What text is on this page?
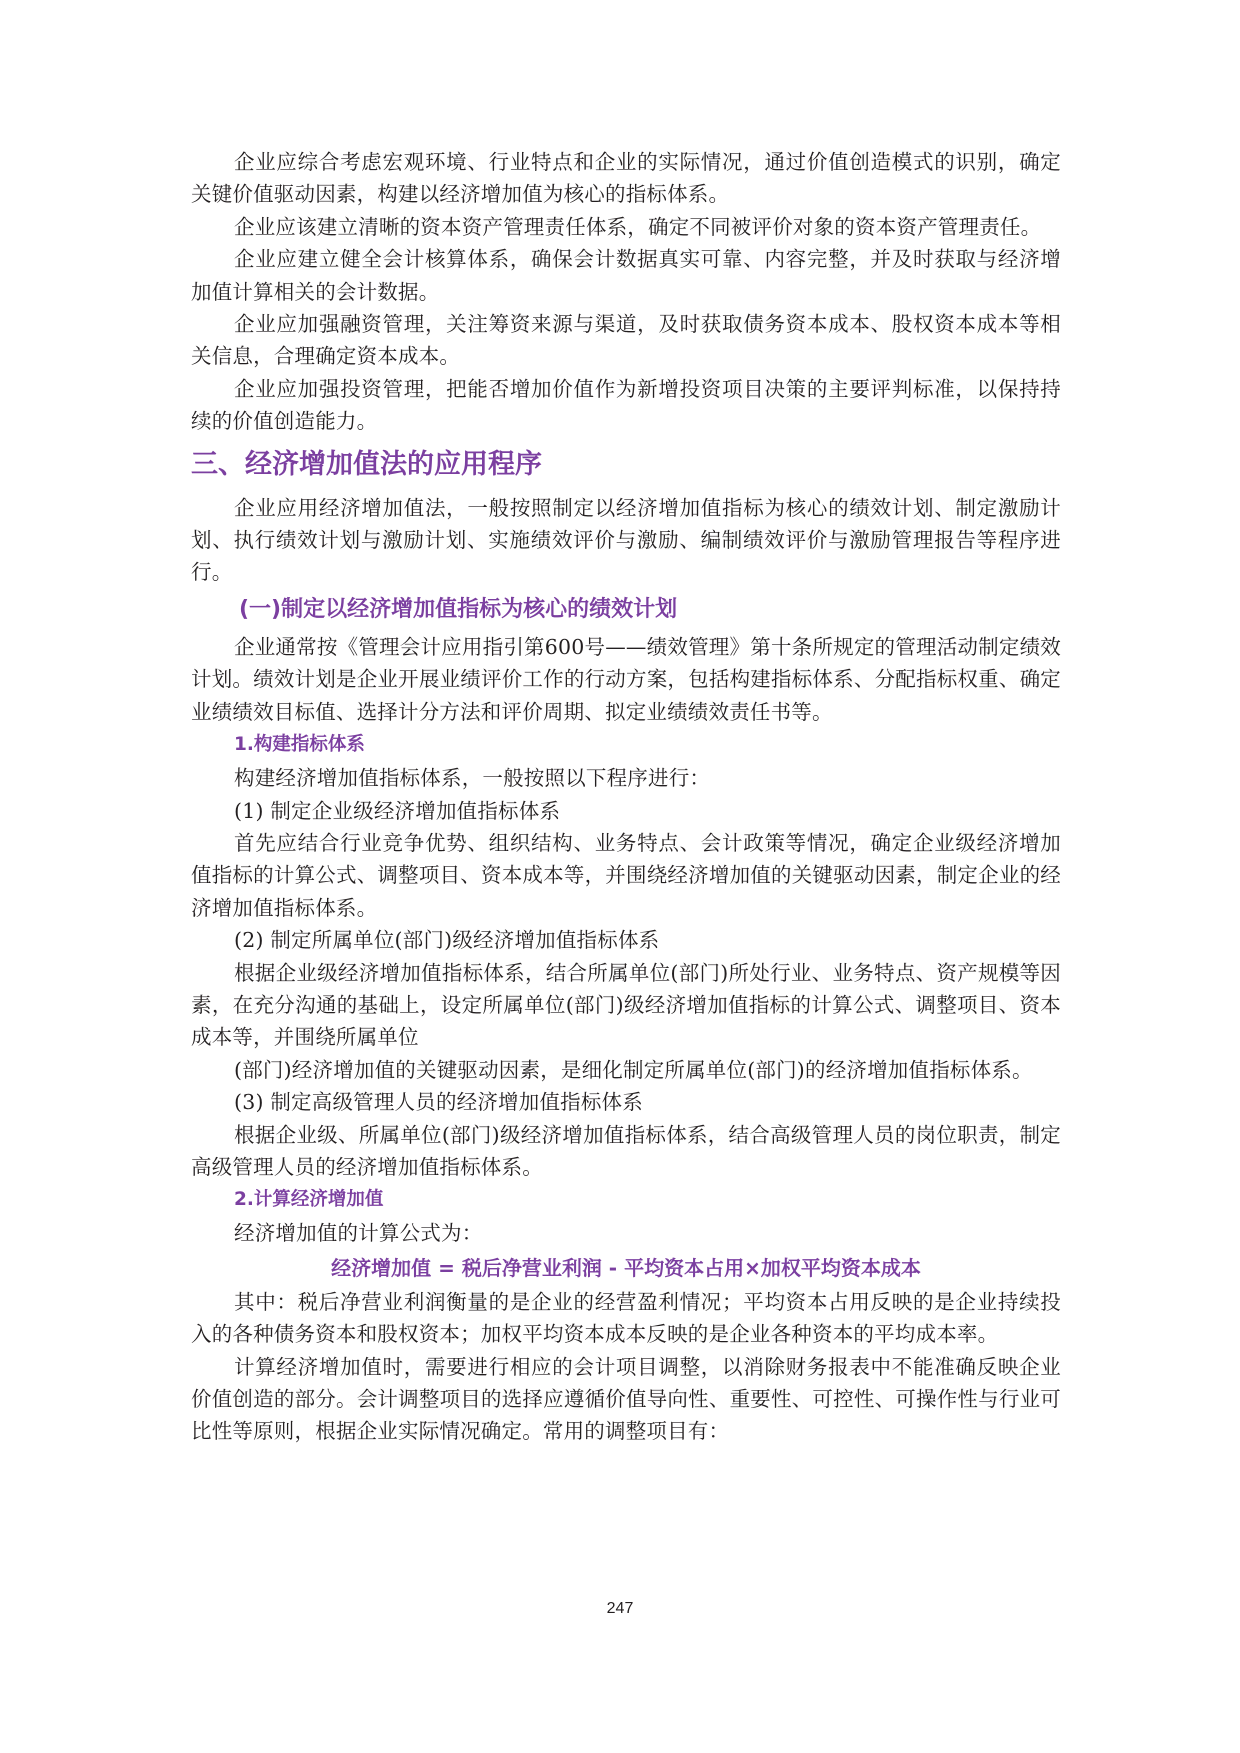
企业应综合考虑宏观环境、行业特点和企业的实际情况，通过价值创造模式的识别，确定关键价值驱动因素，构建以经济增加值为核心的指标体系。

企业应该建立清晰的资本资产管理责任体系，确定不同被评价对象的资本资产管理责任。

企业应建立健全会计核算体系，确保会计数据真实可靠、内容完整，并及时获取与经济增加值计算相关的会计数据。

企业应加强融资管理，关注筹资来源与渠道，及时获取债务资本成本、股权资本成本等相关信息，合理确定资本成本。

企业应加强投资管理，把能否增加价值作为新增投资项目决策的主要评判标准，以保持持续的价值创造能力。

三、经济增加值法的应用程序

企业应用经济增加值法，一般按照制定以经济增加值指标为核心的绩效计划、制定激励计划、执行绩效计划与激励计划、实施绩效评价与激励、编制绩效评价与激励管理报告等程序进行。

(一)制定以经济增加值指标为核心的绩效计划

企业通常按《管理会计应用指引第600号——绩效管理》第十条所规定的管理活动制定绩效计划。绩效计划是企业开展业绩评价工作的行动方案，包括构建指标体系、分配指标权重、确定业绩绩效目标值、选择计分方法和评价周期、拟定业绩绩效责任书等。

1.构建指标体系

构建经济增加值指标体系，一般按照以下程序进行：

(1) 制定企业级经济增加值指标体系

首先应结合行业竞争优势、组织结构、业务特点、会计政策等情况，确定企业级经济增加值指标的计算公式、调整项目、资本成本等，并围绕经济增加值的关键驱动因素，制定企业的经济增加值指标体系。

(2) 制定所属单位(部门)级经济增加值指标体系

根据企业级经济增加值指标体系，结合所属单位(部门)所处行业、业务特点、资产规模等因素，在充分沟通的基础上，设定所属单位(部门)级经济增加值指标的计算公式、调整项目、资本成本等，并围绕所属单位

(部门)经济增加值的关键驱动因素，是细化制定所属单位(部门)的经济增加值指标体系。

(3) 制定高级管理人员的经济增加值指标体系

根据企业级、所属单位(部门)级经济增加值指标体系，结合高级管理人员的岗位职责，制定高级管理人员的经济增加值指标体系。

2.计算经济增加值

经济增加值的计算公式为：

经济增加值 = 税后净营业利润 - 平均资本占用×加权平均资本成本

其中：税后净营业利润衡量的是企业的经营盈利情况；平均资本占用反映的是企业持续投入的各种债务资本和股权资本；加权平均资本成本反映的是企业各种资本的平均成本率。

计算经济增加值时，需要进行相应的会计项目调整，以消除财务报表中不能准确反映企业价值创造的部分。会计调整项目的选择应遵循价值导向性、重要性、可控性、可操作性与行业可比性等原则，根据企业实际情况确定。常用的调整项目有：

247
